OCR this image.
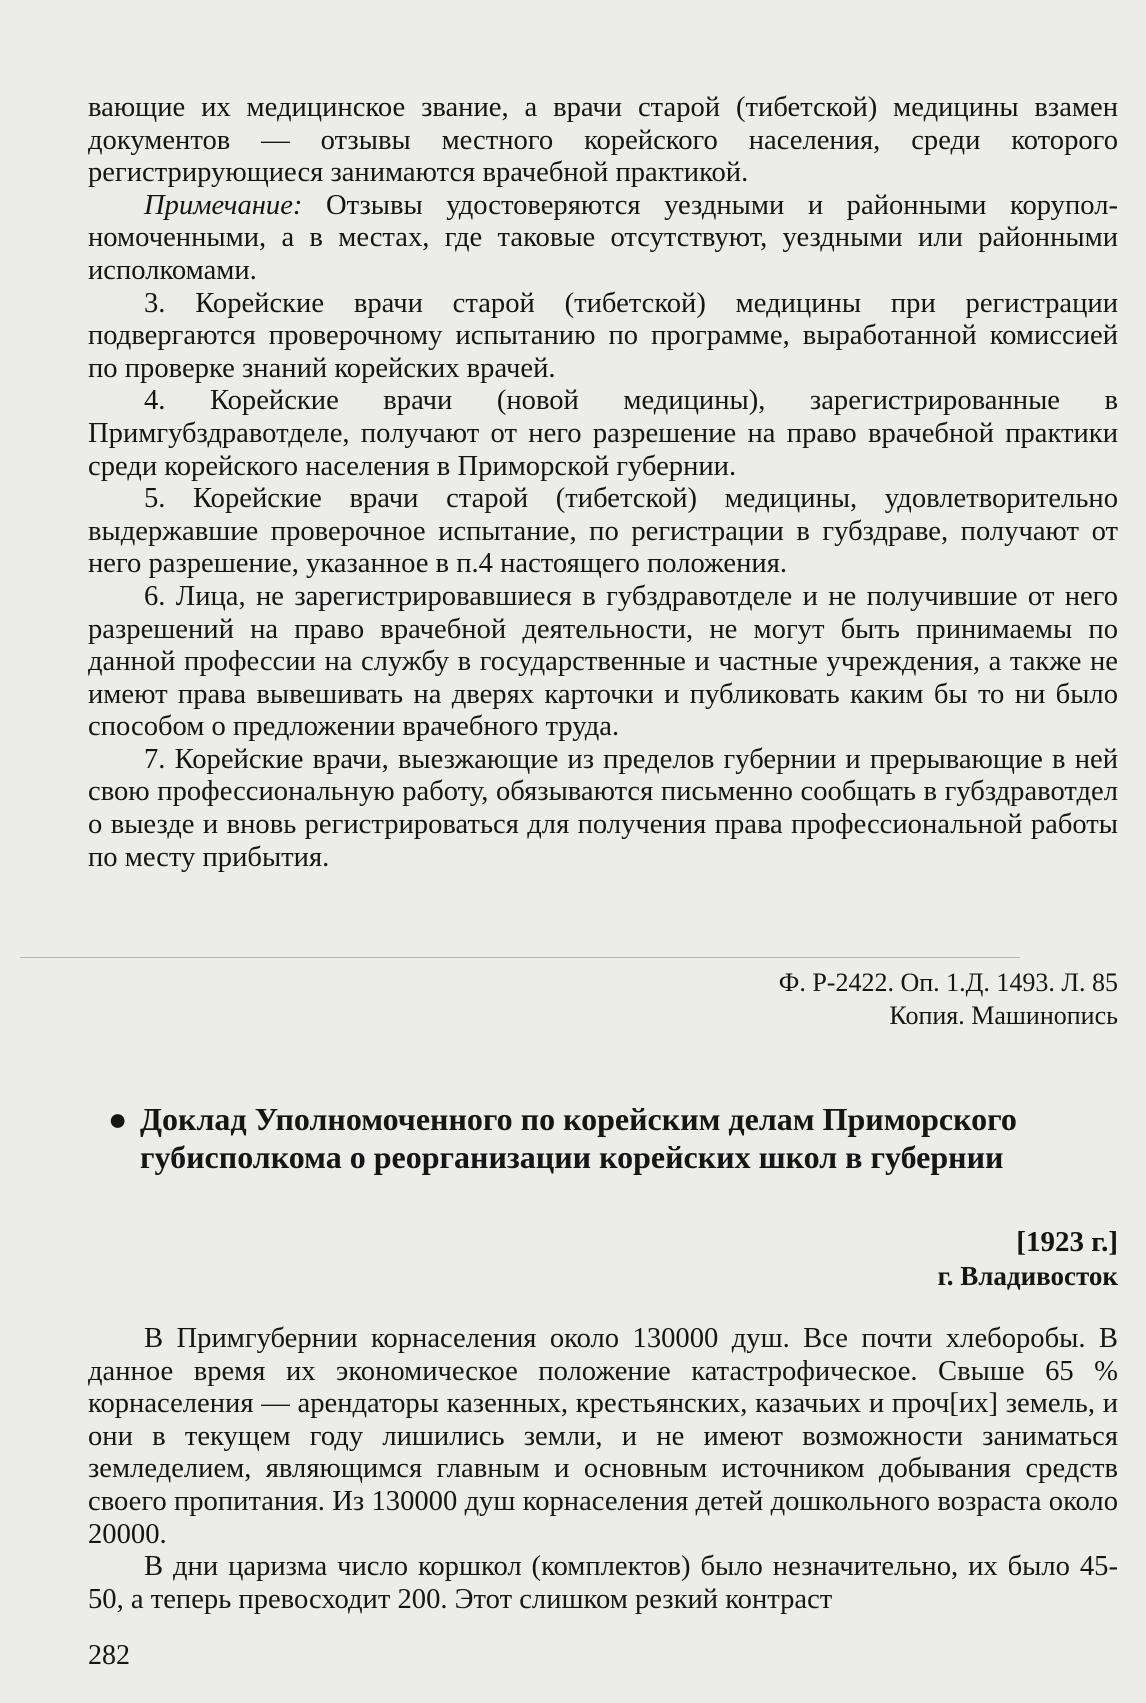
вающие их медицинское звание, а врачи старой (тибетской) медицины взамен документов — отзывы местного корейского населения, среди которого регистрирующиеся занимаются врачебной практикой.

Примечание: Отзывы удостоверяются уездными и районными коруполномоченными, а в местах, где таковые отсутствуют, уездными или районными исполкомами.

3. Корейские врачи старой (тибетской) медицины при регистрации подвергаются проверочному испытанию по программе, выработанной комиссией по проверке знаний корейских врачей.

4. Корейские врачи (новой медицины), зарегистрированные в Примгубздравотделе, получают от него разрешение на право врачебной практики среди корейского населения в Приморской губернии.

5. Корейские врачи старой (тибетской) медицины, удовлетворительно выдержавшие проверочное испытание, по регистрации в губздраве, получают от него разрешение, указанное в п.4 настоящего положения.

6. Лица, не зарегистрировавшиеся в губздравотделе и не получившие от него разрешений на право врачебной деятельности, не могут быть принимаемы по данной профессии на службу в государственные и частные учреждения, а также не имеют права вывешивать на дверях карточки и публиковать каким бы то ни было способом о предложении врачебного труда.

7. Корейские врачи, выезжающие из пределов губернии и прерывающие в ней свою профессиональную работу, обязываются письменно сообщать в губздравотдел о выезде и вновь регистрироваться для получения права профессиональной работы по месту прибытия.

Ф. Р-2422. Оп. 1.Д. 1493. Л. 85
Копия. Машинопись
● Доклад Уполномоченного по корейским делам Приморского губисполкома о реорганизации корейских школ в губернии
[1923 г.]
г. Владивосток

В Примгубернии корнаселения около 130000 душ. Все почти хлеборобы. В данное время их экономическое положение катастрофическое. Свыше 65 % корнаселения — арендаторы казенных, крестьянских, казачьих и проч[их] земель, и они в текущем году лишились земли, и не имеют возможности заниматься земледелием, являющимся главным и основным источником добывания средств своего пропитания. Из 130000 душ корнаселения детей дошкольного возраста около 20000.

В дни царизма число коршкол (комплектов) было незначительно, их было 45-50, а теперь превосходит 200. Этот слишком резкий контраст

282
